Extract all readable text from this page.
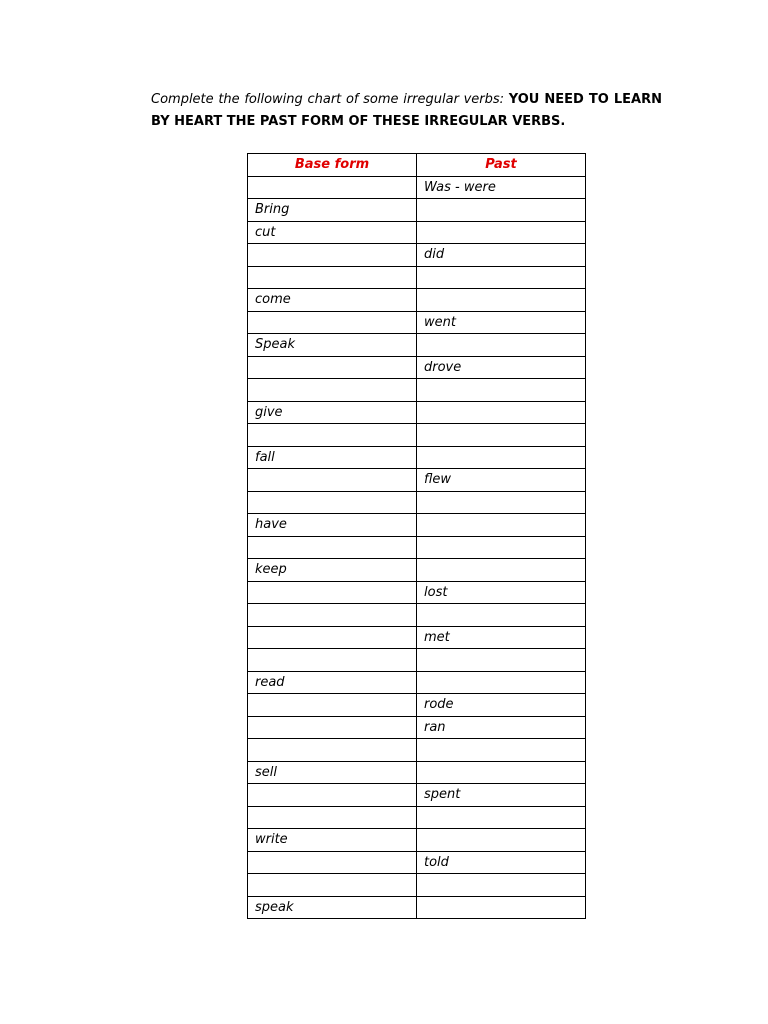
Complete the following chart of some irregular verbs: YOU NEED TO LEARN BY HEART THE PAST FORM OF THESE IRREGULAR VERBS.
Base form	Past
	Was - were
Bring	
cut	
	did

come	
	went
Speak	
	drove

give	

fall	
	flew

have	

keep	
	lost

	met

read	
	rode
	ran

sell	
	spent

write	
	told

speak	
